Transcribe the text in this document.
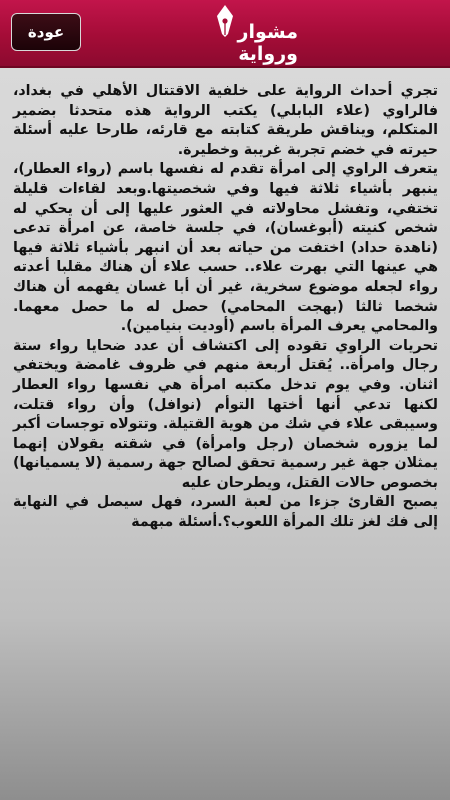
عودة	مشوارورواية

تجري أحداث الرواية على خلفية الاقتتال الأهلي في بغداد، فالراوي (علاء البابلي) يكتب الرواية هذه متحدثا بضمير المتكلم، ويناقش طريقة كتابته مع قارئه، طارحا عليه أسئلة حيرته في خضم تجربة غريبة وخطيرة.

يتعرف الراوي إلى امرأة تقدم له نفسها باسم (رواء العطار)، ينبهر بأشياء ثلاثة فيها وفي شخصيتها.وبعد لقاءات قليلة تختفي، وتفشل محاولاته في العثور عليها إلى أن يحكي له شخص كنيته (أبوغسان)، في جلسة خاصة، عن امرأة تدعى (ناهدة حداد) اختفت من حياته بعد أن انبهر بأشياء ثلاثة فيها هي عينها التي بهرت علاء.. حسب علاء أن هناك مقلبا أعدته رواء لجعله موضوع سخرية، غير أن أبا غسان يفهمه أن هناك شخصا ثالثا (بهجت المحامي) حصل له ما حصل معهما. والمحامي يعرف المرأة باسم (أوديت بنيامين).

تحريات الراوي تقوده إلى اكتشاف أن عدد ضحايا رواء ستة رجال وامرأة.. يُقتل أربعة منهم في ظروف غامضة ويختفي اثنان. وفي يوم تدخل مكتبه امرأة هي نفسها رواء العطار لكنها تدعي أنها أختها التوأم (نوافل) وأن رواء قتلت، وسيبقى علاء في شك من هوية القتيلة. وتتولاه توجسات أكبر لما يزوره شخصان (رجل وامرأة) في شقته يقولان إنهما يمثلان جهة غير رسمية تحقق لصالح جهة رسمية (لا يسميانها) بخصوص حالات القتل، ويطرحان عليه

يصبح القارئ جزءا من لعبة السرد، فهل سيصل في النهاية إلى فك لغز تلك المرأة اللعوب؟.أسئلة مبهمة
